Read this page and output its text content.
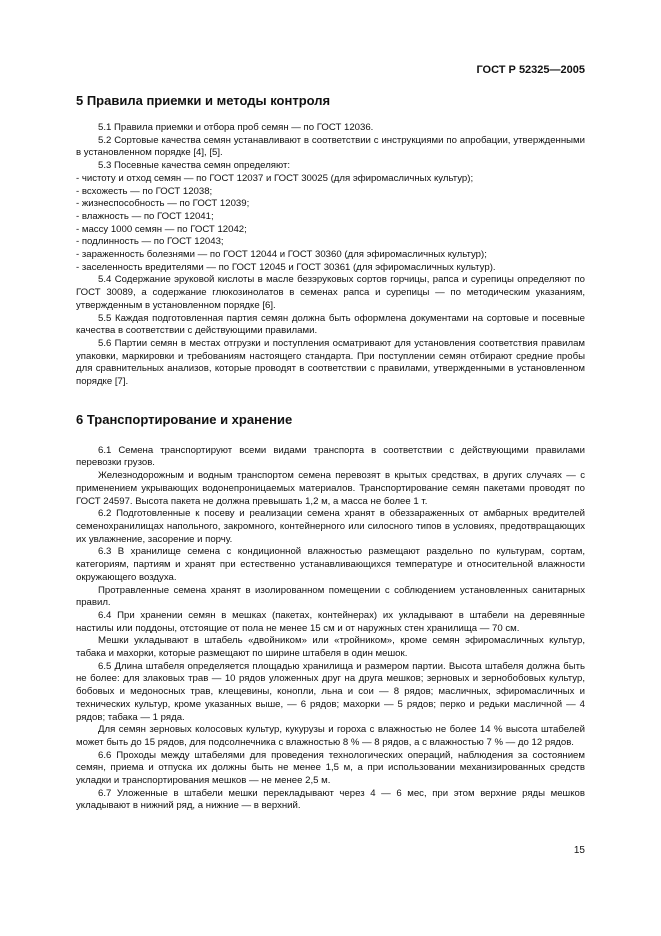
ГОСТ Р 52325—2005
5 Правила приемки и методы контроля

5.1 Правила приемки и отбора проб семян — по ГОСТ 12036.

5.2 Сортовые качества семян устанавливают в соответствии с инструкциями по апробации, утвержденными в установленном порядке [4], [5].

5.3 Посевные качества семян определяют:

- чистоту и отход семян — по ГОСТ 12037 и ГОСТ 30025 (для эфиромасличных культур);

- всхожесть — по ГОСТ 12038;

- жизнеспособность — по ГОСТ 12039;

- влажность — по ГОСТ 12041;

- массу 1000 семян — по ГОСТ 12042;

- подлинность — по ГОСТ 12043;

- зараженность болезнями — по ГОСТ 12044 и ГОСТ 30360 (для эфиромасличных культур);

- заселенность вредителями — по ГОСТ 12045 и ГОСТ 30361 (для эфиромасличных культур).

5.4 Содержание эруковой кислоты в масле безэруковых сортов горчицы, рапса и сурепицы определяют по ГОСТ 30089, а содержание глюкозинолатов в семенах рапса и сурепицы — по методическим указаниям, утвержденным в установленном порядке [6].

5.5 Каждая подготовленная партия семян должна быть оформлена документами на сортовые и посевные качества в соответствии с действующими правилами.

5.6 Партии семян в местах отгрузки и поступления осматривают для установления соответствия правилам упаковки, маркировки и требованиям настоящего стандарта. При поступлении семян отбирают средние пробы для сравнительных анализов, которые проводят в соответствии с правилами, утвержденными в установленном порядке [7].

6 Транспортирование и хранение

6.1 Семена транспортируют всеми видами транспорта в соответствии с действующими правилами перевозки грузов.

Железнодорожным и водным транспортом семена перевозят в крытых средствах, в других случаях — с применением укрывающих водонепроницаемых материалов. Транспортирование семян пакетами проводят по ГОСТ 24597. Высота пакета не должна превышать 1,2 м, а масса не более 1 т.

6.2 Подготовленные к посеву и реализации семена хранят в обеззараженных от амбарных вредителей семенохранилищах напольного, закромного, контейнерного или силосного типов в условиях, предотвращающих их увлажнение, засорение и порчу.

6.3 В хранилище семена с кондиционной влажностью размещают раздельно по культурам, сортам, категориям, партиям и хранят при естественно устанавливающихся температуре и относительной влажности окружающего воздуха.

Протравленные семена хранят в изолированном помещении с соблюдением установленных санитарных правил.

6.4 При хранении семян в мешках (пакетах, контейнерах) их укладывают в штабели на деревянные настилы или поддоны, отстоящие от пола не менее 15 см и от наружных стен хранилища — 70 см.

Мешки укладывают в штабель «двойником» или «тройником», кроме семян эфиромасличных культур, табака и махорки, которые размещают по ширине штабеля в один мешок.

6.5 Длина штабеля определяется площадью хранилища и размером партии. Высота штабеля должна быть не более: для злаковых трав — 10 рядов уложенных друг на друга мешков; зерновых и зернобобовых культур, бобовых и медоносных трав, клещевины, конопли, льна и сои — 8 рядов; масличных, эфиромасличных и технических культур, кроме указанных выше, — 6 рядов; махорки — 5 рядов; перко и редьки масличной — 4 рядов; табака — 1 ряда.

Для семян зерновых колосовых культур, кукурузы и гороха с влажностью не более 14 % высота штабелей может быть до 15 рядов, для подсолнечника с влажностью 8 % — 8 рядов, а с влажностью 7 % — до 12 рядов.

6.6 Проходы между штабелями для проведения технологических операций, наблюдения за состоянием семян, приема и отпуска их должны быть не менее 1,5 м, а при использовании механизированных средств укладки и транспортирования мешков — не менее 2,5 м.

6.7 Уложенные в штабели мешки перекладывают через 4 — 6 мес, при этом верхние ряды мешков укладывают в нижний ряд, а нижние — в верхний.

15
